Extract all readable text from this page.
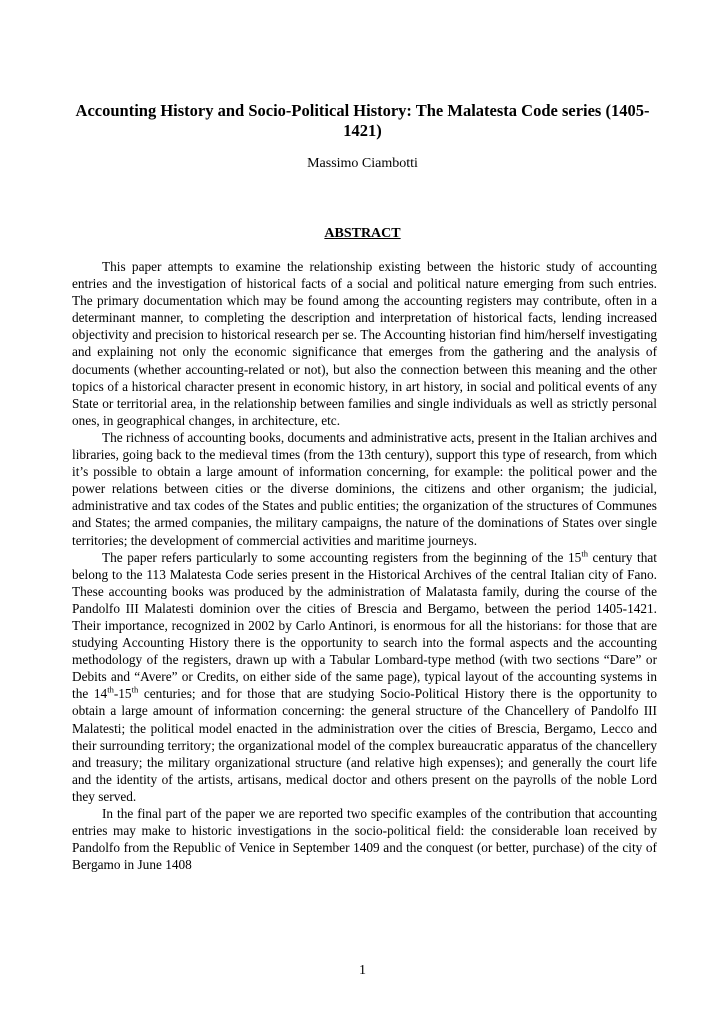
Accounting History and Socio-Political History: The Malatesta Code series (1405-1421)
Massimo Ciambotti
ABSTRACT

This paper attempts to examine the relationship existing between the historic study of accounting entries and the investigation of historical facts of a social and political nature emerging from such entries. The primary documentation which may be found among the accounting registers may contribute, often in a determinant manner, to completing the description and interpretation of historical facts, lending increased objectivity and precision to historical research per se. The Accounting historian find him/herself investigating and explaining not only the economic significance that emerges from the gathering and the analysis of documents (whether accounting-related or not), but also the connection between this meaning and the other topics of a historical character present in economic history, in art history, in social and political events of any State or territorial area, in the relationship between families and single individuals as well as strictly personal ones, in geographical changes, in architecture, etc.

The richness of accounting books, documents and administrative acts, present in the Italian archives and libraries, going back to the medieval times (from the 13th century), support this type of research, from which it’s possible to obtain a large amount of information concerning, for example: the political power and the power relations between cities or the diverse dominions, the citizens and other organism; the judicial, administrative and tax codes of the States and public entities; the organization of the structures of Communes and States; the armed companies, the military campaigns, the nature of the dominations of States over single territories; the development of commercial activities and maritime journeys.

The paper refers particularly to some accounting registers from the beginning of the 15th century that belong to the 113 Malatesta Code series present in the Historical Archives of the central Italian city of Fano. These accounting books was produced by the administration of Malatasta family, during the course of the Pandolfo III Malatesti dominion over the cities of Brescia and Bergamo, between the period 1405-1421. Their importance, recognized in 2002 by Carlo Antinori, is enormous for all the historians: for those that are studying Accounting History there is the opportunity to search into the formal aspects and the accounting methodology of the registers, drawn up with a Tabular Lombard-type method (with two sections “Dare” or Debits and “Avere” or Credits, on either side of the same page), typical layout of the accounting systems in the 14th-15th centuries; and for those that are studying Socio-Political History there is the opportunity to obtain a large amount of information concerning: the general structure of the Chancellery of Pandolfo III Malatesti; the political model enacted in the administration over the cities of Brescia, Bergamo, Lecco and their surrounding territory; the organizational model of the complex bureaucratic apparatus of the chancellery and treasury; the military organizational structure (and relative high expenses); and generally the court life and the identity of the artists, artisans, medical doctor and others present on the payrolls of the noble Lord they served.

In the final part of the paper we are reported two specific examples of the contribution that accounting entries may make to historic investigations in the socio-political field: the considerable loan received by Pandolfo from the Republic of Venice in September 1409 and the conquest (or better, purchase) of the city of Bergamo in June 1408

1
